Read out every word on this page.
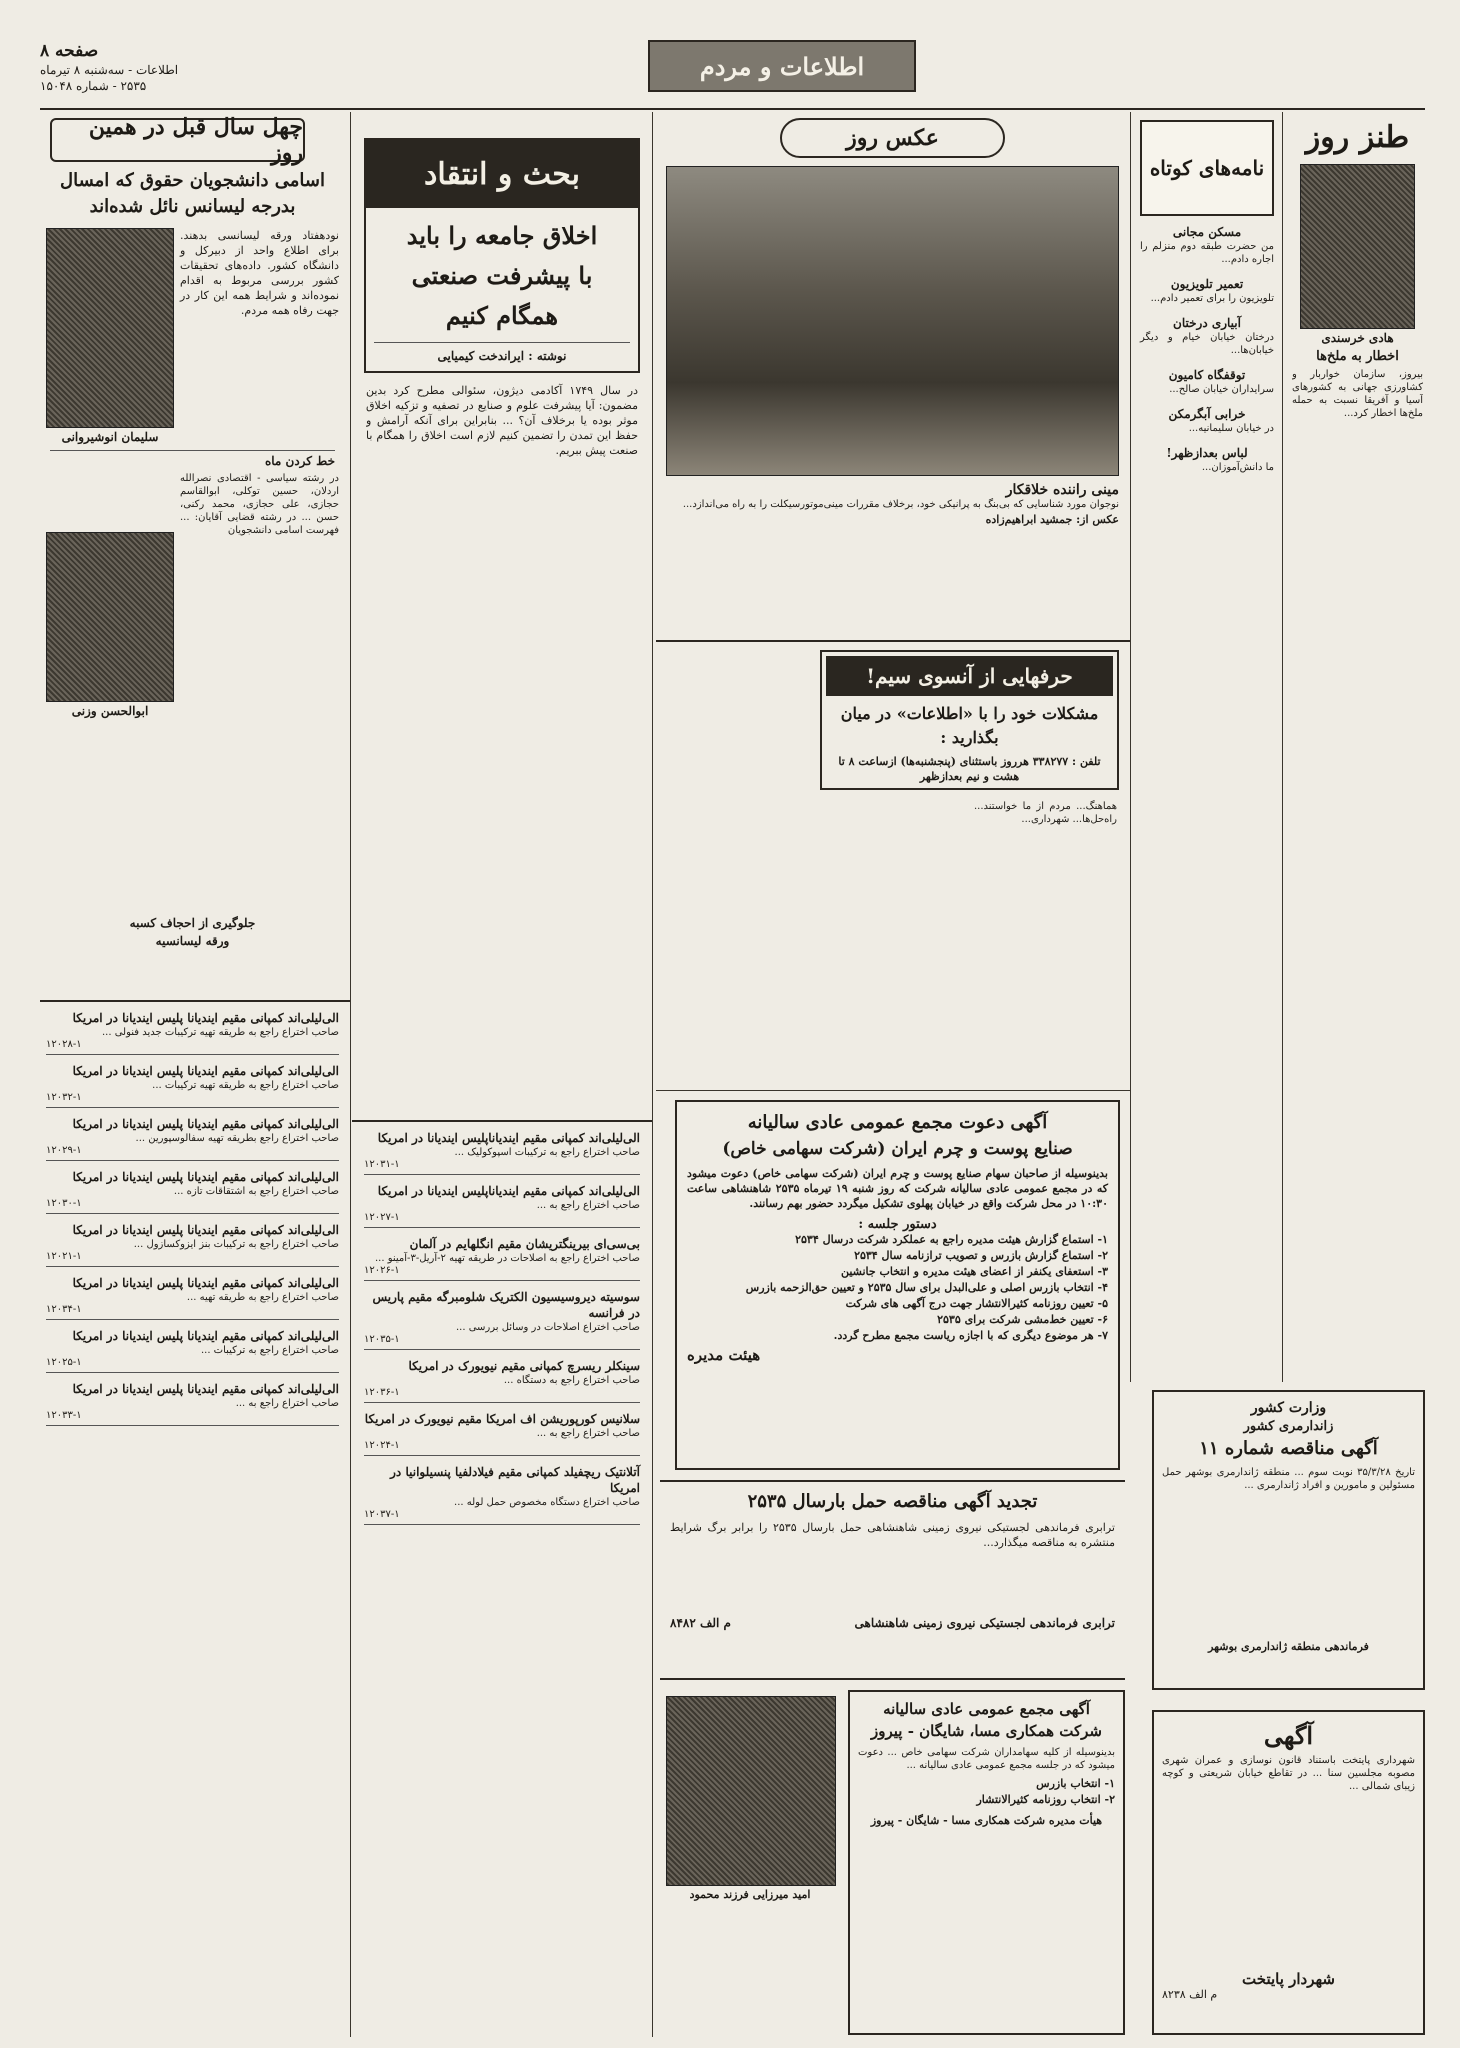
صفحه ۸
اطلاعات - سه‌شنبه ۸ تیرماه
۲۵۳۵ - شماره ۱۵۰۴۸
اطلاعات و مردم
چهل سال قبل در همین روز
اسامی دانشجویان حقوق که امسال بدرجه لیسانس نائل شده‌اند
نودهفتاد ورقه لیسانسی بدهند. برای اطلاع واحد از دبیرکل و دانشگاه کشور. داده‌های تحقیقات کشور بررسی مربوط به اقدام نموده‌اند و شرایط همه این کار در جهت رفاه همه مردم.
سلیمان انوشیروانی
خط کردن ماه
در رشته سیاسی - اقتصادی نصرالله اردلان، حسین توکلی، ابوالقاسم حجازی، علی حجازی، محمد رکنی، حسن ... در رشته قضایی آقایان: ... فهرست اسامی دانشجویان
ابوالحسن وزنی
جلوگیری از احجاف کسبه
ورقه لیسانسیه
الی‌لیلی‌اند کمپانی مقیم ایندیانا پلیس ایندیانا در امریکا
صاحب اختراع راجع به طریقه تهیه ترکیبات جدید فنولی ...
۱۲۰۲۸-۱
الی‌لیلی‌اند کمپانی مقیم ایندیانا پلیس ایندیانا در امریکا
صاحب اختراع راجع به طریقه تهیه ترکیبات ...
۱۲۰۳۲-۱
الی‌لیلی‌اند کمپانی مقیم ایندیانا پلیس ایندیانا در امریکا
صاحب اختراع راجع بطریقه تهیه سفالوسپورین ...
۱۲۰۲۹-۱
الی‌لیلی‌اند کمپانی مقیم ایندیانا پلیس ایندیانا در امریکا
صاحب اختراع راجع به اشتقاقات تازه ...
۱۲۰۳۰-۱
الی‌لیلی‌اند کمپانی مقیم ایندیانا پلیس ایندیانا در امریکا
صاحب اختراع راجع به ترکیبات بنز ایزوکسازول ...
۱۲۰۲۱-۱
الی‌لیلی‌اند کمپانی مقیم ایندیانا پلیس ایندیانا در امریکا
صاحب اختراع راجع به طریقه تهیه ...
۱۲۰۳۴-۱
الی‌لیلی‌اند کمپانی مقیم ایندیانا پلیس ایندیانا در امریکا
صاحب اختراع راجع به ترکیبات ...
۱۲۰۲۵-۱
الی‌لیلی‌اند کمپانی مقیم ایندیانا پلیس ایندیانا در امریکا
صاحب اختراع راجع به ...
۱۲۰۳۳-۱
بحث و انتقاد
اخلاق جامعه را باید
با پیشرفت صنعتی
همگام کنیم
نوشته : ایراندخت کیمیایی
در سال ۱۷۴۹ آکادمی دیژون، سئوالی مطرح کرد بدین مضمون: آیا پیشرفت علوم و صنایع در تصفیه و تزکیه اخلاق موثر بوده یا برخلاف آن؟ ... بنابراین برای آنکه آرامش و حفظ این تمدن را تضمین کنیم لازم است اخلاق را همگام با صنعت پیش ببریم.
الی‌لیلی‌اند کمپانی مقیم ایندیاناپلیس ایندیانا در امریکا
صاحب اختراع راجع به ترکیبات اسپوکولیک ...
۱۲۰۳۱-۱
الی‌لیلی‌اند کمپانی مقیم ایندیاناپلیس ایندیانا در امریکا
صاحب اختراع راجع به ...
۱۲۰۲۷-۱
بی‌سی‌ای بیرینگتریشان مقیم انگلهایم در آلمان
صاحب اختراع راجع به اصلاحات در طریقه تهیه ۲-آریل-۳-آمینو ...
۱۲۰۲۶-۱
سوسیته دیروسیسیون الکتریک شلومبرگه مقیم پاریس در فرانسه
صاحب اختراع اصلاحات در وسائل بررسی ...
۱۲۰۳۵-۱
سینکلر ریسرچ کمپانی مقیم نیویورک در امریکا
صاحب اختراع راجع به دستگاه ...
۱۲۰۳۶-۱
سلانیس کورپوریشن اف امریکا مقیم نیویورک در امریکا
صاحب اختراع راجع به ...
۱۲۰۲۴-۱
آتلانتیک ریچفیلد کمپانی مقیم فیلادلفیا پنسیلوانیا در امریکا
صاحب اختراع دستگاه مخصوص حمل لوله ...
۱۲۰۳۷-۱
عکس روز
مینی راننده خلاقکار
نوجوان مورد شناسایی که بی‌بنگ به پرانیکی خود، برخلاف مقررات مینی‌موتورسیکلت را به راه می‌اندازد...
عکس از: جمشید ابراهیم‌زاده
حرفهایی از آنسوی سیم!
مشکلات خود را با «اطلاعات» در میان بگذارید :
تلفن : ۳۳۸۲۷۷ هرروز باستثنای (پنجشنبه‌ها) ازساعت ۸ تا هشت و نیم بعدازظهر
هماهنگ... مردم از ما خواستند... راه‌حل‌ها... شهرداری...
آگهی دعوت مجمع عمومی عادی سالیانه
صنایع پوست و چرم ایران (شرکت سهامی خاص)
بدینوسیله از صاحبان سهام صنایع پوست و چرم ایران (شرکت سهامی خاص) دعوت میشود که در مجمع عمومی عادی سالیانه شرکت که روز شنبه ۱۹ تیرماه ۲۵۳۵ شاهنشاهی ساعت ۱۰:۳۰ در محل شرکت واقع در خیابان پهلوی تشکیل میگردد حضور بهم رسانند.
دستور جلسه :
۱- استماع گزارش هیئت مدیره راجع به عملکرد شرکت درسال ۲۵۳۴
۲- استماع گزارش بازرس و تصویب ترازنامه سال ۲۵۳۴
۳- استعفای یکنفر از اعضای هیئت مدیره و انتخاب جانشین
۴- انتخاب بازرس اصلی و علی‌البدل برای سال ۲۵۳۵ و تعیین حق‌الزحمه بازرس
۵- تعیین روزنامه کثیرالانتشار جهت درج آگهی های شرکت
۶- تعیین خط‌مشی شرکت برای ۲۵۳۵
۷- هر موضوع دیگری که با اجازه ریاست مجمع مطرح گردد.
هیئت مدیره
تجدید آگهی مناقصه حمل بارسال ۲۵۳۵
ترابری فرماندهی لجستیکی نیروی زمینی شاهنشاهی حمل بارسال ۲۵۳۵ را برابر برگ شرایط منتشره به مناقصه میگذارد...
ترابری فرماندهی لجستیکی نیروی زمینی شاهنشاهی
م الف ۸۴۸۲
آگهی مجمع عمومی عادی سالیانه
شرکت همکاری مسا، شایگان - پیروز
بدینوسیله از کلیه سهامداران شرکت سهامی خاص ... دعوت میشود که در جلسه مجمع عمومی عادی سالیانه ...
۱- انتخاب بازرس
۲- انتخاب روزنامه کثیرالانتشار
هیأت مدیره شرکت همکاری مسا - شایگان - پیروز
امید میرزایی فرزند محمود
نامه‌های کوتاه
مسکن مجانی
من حضرت طبقه دوم منزلم را اجاره دادم...
تعمیر تلویزیون
تلویزیون را برای تعمیر دادم...
آبیاری درختان
درختان خیابان خیام و دیگر خیابان‌ها...
توقفگاه کامیون
سرایداران خیابان صالح...
خرابی آبگرمکن
در خیابان سلیمانیه...
لباس بعدازظهر!
ما دانش‌آموزان...
طنز روز
هادی خرسندی
اخطار به ملخ‌ها
بیروز، سازمان خواربار و کشاورزی جهانی به کشورهای آسیا و آفریقا نسبت به حمله ملخ‌ها اخطار کرد...
وزارت کشور
زاندارمری کشور
آگهی مناقصه شماره ۱۱
تاریخ ۳۵/۳/۲۸ نوبت سوم ... منطقه ژاندارمری بوشهر حمل مسئولین و مامورین و افراد ژاندارمری ...
فرماندهی منطقه ژاندارمری بوشهر
آگهی
شهرداری پایتخت باستناد قانون نوسازی و عمران شهری مصوبه مجلسین سنا ... در تقاطع خیابان شریعتی و کوچه زیبای شمالی ...
شهردار پایتخت
م الف ۸۲۳۸
